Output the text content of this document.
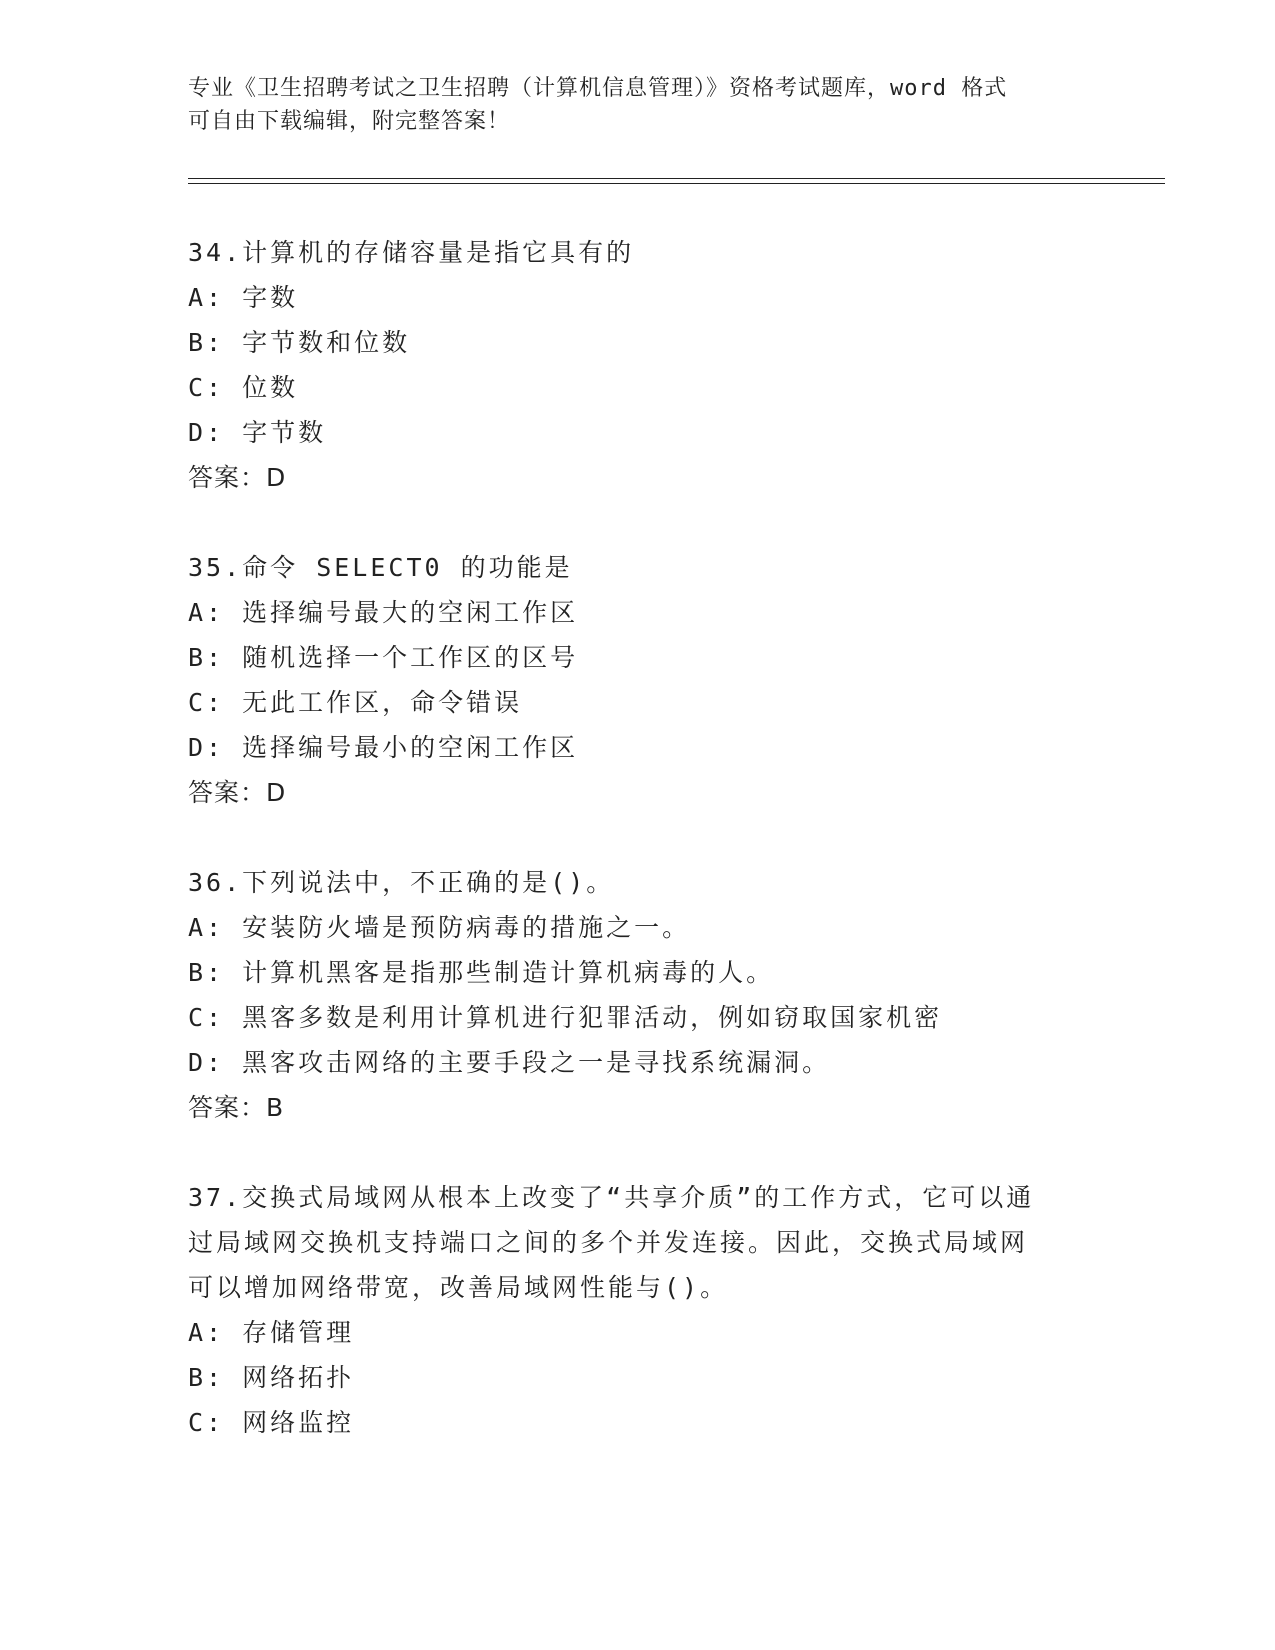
专业《卫生招聘考试之卫生招聘（计算机信息管理）》资格考试题库，word 格式
可自由下载编辑，附完整答案！
34.计算机的存储容量是指它具有的
A: 字数
B: 字节数和位数
C: 位数
D: 字节数
答案：D
35.命令 SELECT0 的功能是
A: 选择编号最大的空闲工作区
B: 随机选择一个工作区的区号
C: 无此工作区，命令错误
D: 选择编号最小的空闲工作区
答案：D
36.下列说法中，不正确的是()。
A: 安装防火墙是预防病毒的措施之一。
B: 计算机黑客是指那些制造计算机病毒的人。
C: 黑客多数是利用计算机进行犯罪活动，例如窃取国家机密
D: 黑客攻击网络的主要手段之一是寻找系统漏洞。
答案：B
37.交换式局域网从根本上改变了“共享介质”的工作方式，它可以通
过局域网交换机支持端口之间的多个并发连接。因此，交换式局域网
可以增加网络带宽，改善局域网性能与()。
A: 存储管理
B: 网络拓扑
C: 网络监控
